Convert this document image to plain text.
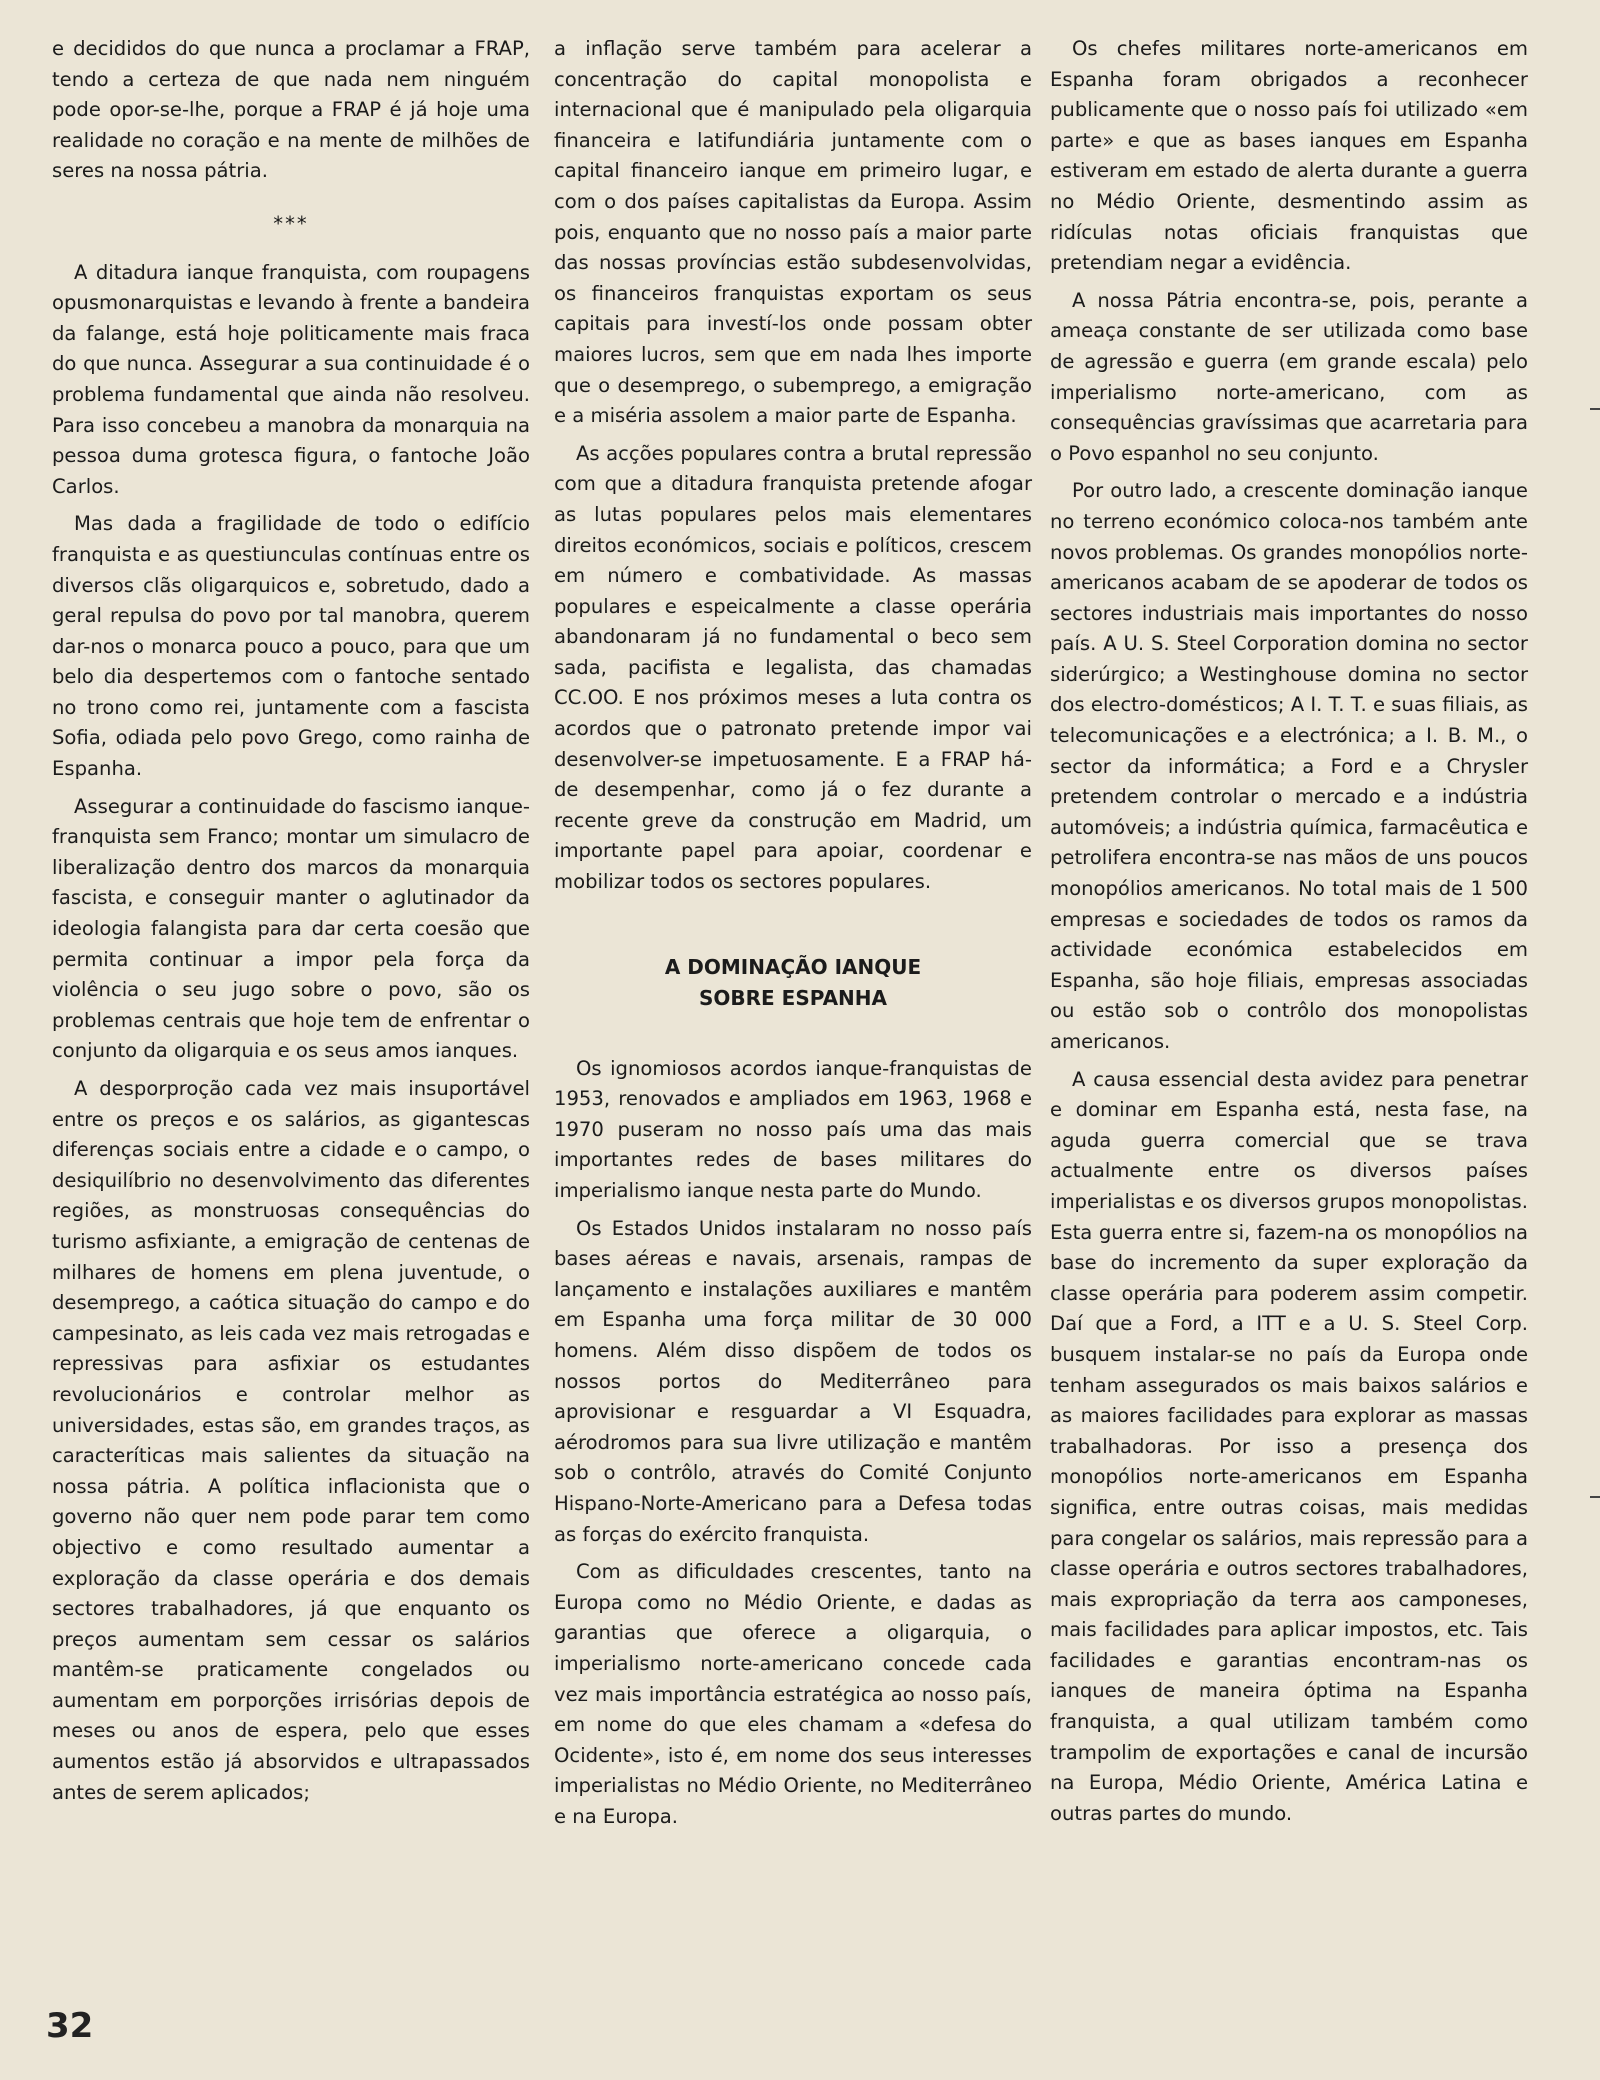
e decididos do que nunca a proclamar a FRAP, tendo a certeza de que nada nem ninguém pode opor-se-lhe, porque a FRAP é já hoje uma realidade no coração e na mente de milhões de seres na nossa pátria.

***

A ditadura ianque franquista, com roupagens opusmonarquistas e levando à frente a bandeira da falange, está hoje politicamente mais fraca do que nunca. Assegurar a sua continuidade é o problema fundamental que ainda não resolveu. Para isso concebeu a manobra da monarquia na pessoa duma grotesca figura, o fantoche João Carlos.

Mas dada a fragilidade de todo o edifício franquista e as questiunculas contínuas entre os diversos clãs oligarquicos e, sobretudo, dado a geral repulsa do povo por tal manobra, querem dar-nos o monarca pouco a pouco, para que um belo dia despertemos com o fantoche sentado no trono como rei, juntamente com a fascista Sofia, odiada pelo povo Grego, como rainha de Espanha.

Assegurar a continuidade do fascismo ianque-franquista sem Franco; montar um simulacro de liberalização dentro dos marcos da monarquia fascista, e conseguir manter o aglutinador da ideologia falangista para dar certa coesão que permita continuar a impor pela força da violência o seu jugo sobre o povo, são os problemas centrais que hoje tem de enfrentar o conjunto da oligarquia e os seus amos ianques.

A desporproção cada vez mais insuportável entre os preços e os salários, as gigantescas diferenças sociais entre a cidade e o campo, o desiquilíbrio no desenvolvimento das diferentes regiões, as monstruosas consequências do turismo asfixiante, a emigração de centenas de milhares de homens em plena juventude, o desemprego, a caótica situação do campo e do campesinato, as leis cada vez mais retrogadas e repressivas para asfixiar os estudantes revolucionários e controlar melhor as universidades, estas são, em grandes traços, as caracteríticas mais salientes da situação na nossa pátria. A política inflacionista que o governo não quer nem pode parar tem como objectivo e como resultado aumentar a exploração da classe operária e dos demais sectores trabalhadores, já que enquanto os preços aumentam sem cessar os salários mantêm-se praticamente congelados ou aumentam em porporções irrisórias depois de meses ou anos de espera, pelo que esses aumentos estão já absorvidos e ultrapassados antes de serem aplicados;

a inflação serve também para acelerar a concentração do capital monopolista e internacional que é manipulado pela oligarquia financeira e latifundiária juntamente com o capital financeiro ianque em primeiro lugar, e com o dos países capitalistas da Europa. Assim pois, enquanto que no nosso país a maior parte das nossas províncias estão subdesenvolvidas, os financeiros franquistas exportam os seus capitais para investí-los onde possam obter maiores lucros, sem que em nada lhes importe que o desemprego, o subemprego, a emigração e a miséria assolem a maior parte de Espanha.

As acções populares contra a brutal repressão com que a ditadura franquista pretende afogar as lutas populares pelos mais elementares direitos económicos, sociais e políticos, crescem em número e combatividade. As massas populares e espeicalmente a classe operária abandonaram já no fundamental o beco sem sada, pacifista e legalista, das chamadas CC.OO. E nos próximos meses a luta contra os acordos que o patronato pretende impor vai desenvolver-se impetuosamente. E a FRAP há-de desempenhar, como já o fez durante a recente greve da construção em Madrid, um importante papel para apoiar, coordenar e mobilizar todos os sectores populares.

A DOMINAÇÃO IANQUE
SOBRE ESPANHA

Os ignomiosos acordos ianque-franquistas de 1953, renovados e ampliados em 1963, 1968 e 1970 puseram no nosso país uma das mais importantes redes de bases militares do imperialismo ianque nesta parte do Mundo.

Os Estados Unidos instalaram no nosso país bases aéreas e navais, arsenais, rampas de lançamento e instalações auxiliares e mantêm em Espanha uma força militar de 30 000 homens. Além disso dispõem de todos os nossos portos do Mediterrâneo para aprovisionar e resguardar a VI Esquadra, aérodromos para sua livre utilização e mantêm sob o contrôlo, através do Comité Conjunto Hispano-Norte-Americano para a Defesa todas as forças do exército franquista.

Com as dificuldades crescentes, tanto na Europa como no Médio Oriente, e dadas as garantias que oferece a oligarquia, o imperialismo norte-americano concede cada vez mais importância estratégica ao nosso país, em nome do que eles chamam a «defesa do Ocidente», isto é, em nome dos seus interesses imperialistas no Médio Oriente, no Mediterrâneo e na Europa.

Os chefes militares norte-americanos em Espanha foram obrigados a reconhecer publicamente que o nosso país foi utilizado «em parte» e que as bases ianques em Espanha estiveram em estado de alerta durante a guerra no Médio Oriente, desmentindo assim as ridículas notas oficiais franquistas que pretendiam negar a evidência.

A nossa Pátria encontra-se, pois, perante a ameaça constante de ser utilizada como base de agressão e guerra (em grande escala) pelo imperialismo norte-americano, com as consequências gravíssimas que acarretaria para o Povo espanhol no seu conjunto.

Por outro lado, a crescente dominação ianque no terreno económico coloca-nos também ante novos problemas. Os grandes monopólios norte-americanos acabam de se apoderar de todos os sectores industriais mais importantes do nosso país. A U. S. Steel Corporation domina no sector siderúrgico; a Westinghouse domina no sector dos electro-domésticos; A I. T. T. e suas filiais, as telecomunicações e a electrónica; a I. B. M., o sector da informática; a Ford e a Chrysler pretendem controlar o mercado e a indústria automóveis; a indústria química, farmacêutica e petrolifera encontra-se nas mãos de uns poucos monopólios americanos. No total mais de 1 500 empresas e sociedades de todos os ramos da actividade económica estabelecidos em Espanha, são hoje filiais, empresas associadas ou estão sob o contrôlo dos monopolistas americanos.

A causa essencial desta avidez para penetrar e dominar em Espanha está, nesta fase, na aguda guerra comercial que se trava actualmente entre os diversos países imperialistas e os diversos grupos monopolistas. Esta guerra entre si, fazem-na os monopólios na base do incremento da super exploração da classe operária para poderem assim competir. Daí que a Ford, a ITT e a U. S. Steel Corp. busquem instalar-se no país da Europa onde tenham assegurados os mais baixos salários e as maiores facilidades para explorar as massas trabalhadoras. Por isso a presença dos monopólios norte-americanos em Espanha significa, entre outras coisas, mais medidas para congelar os salários, mais repressão para a classe operária e outros sectores trabalhadores, mais expropriação da terra aos camponeses, mais facilidades para aplicar impostos, etc. Tais facilidades e garantias encontram-nas os ianques de maneira óptima na Espanha franquista, a qual utilizam também como trampolim de exportações e canal de incursão na Europa, Médio Oriente, América Latina e outras partes do mundo.

32
